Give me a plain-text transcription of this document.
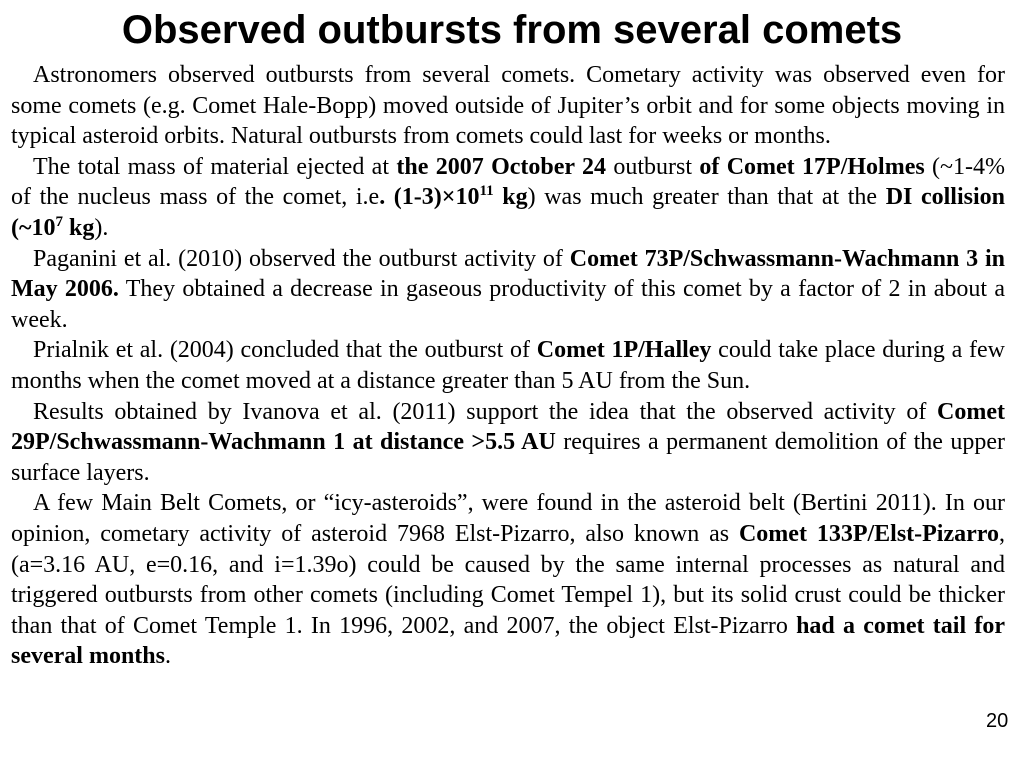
Observed outbursts from several comets

Astronomers observed outbursts from several comets. Cometary activity was observed even for some comets (e.g. Comet Hale-Bopp) moved outside of Jupiter’s orbit and for some objects moving in typical asteroid orbits. Natural outbursts from comets could last for weeks or months.

The total mass of material ejected at the 2007 October 24 outburst of Comet 17P/Holmes (~1-4% of the nucleus mass of the comet, i.e. $(1-3)\times 10^{11}$ kg) was much greater than that at the DI collision ($\sim 10^7$ kg).

Paganini et al. (2010) observed the outburst activity of Comet 73P/Schwassmann-Wachmann 3 in May 2006. They obtained a decrease in gaseous productivity of this comet by a factor of 2 in about a week.

Prialnik et al. (2004) concluded that the outburst of Comet 1P/Halley could take place during a few months when the comet moved at a distance greater than 5 AU from the Sun.

Results obtained by Ivanova et al. (2011) support the idea that the observed activity of Comet 29P/Schwassmann-Wachmann 1 at distance >5.5 AU requires a permanent demolition of the upper surface layers.

A few Main Belt Comets, or “icy-asteroids”, were found in the asteroid belt (Bertini 2011). In our opinion, cometary activity of asteroid 7968 Elst-Pizarro, also known as Comet 133P/Elst-Pizarro, (a=3.16 AU, e=0.16, and i=1.39o) could be caused by the same internal processes as natural and triggered outbursts from other comets (including Comet Tempel 1), but its solid crust could be thicker than that of Comet Temple 1. In 1996, 2002, and 2007, the object Elst-Pizarro had a comet tail for several months.

20
